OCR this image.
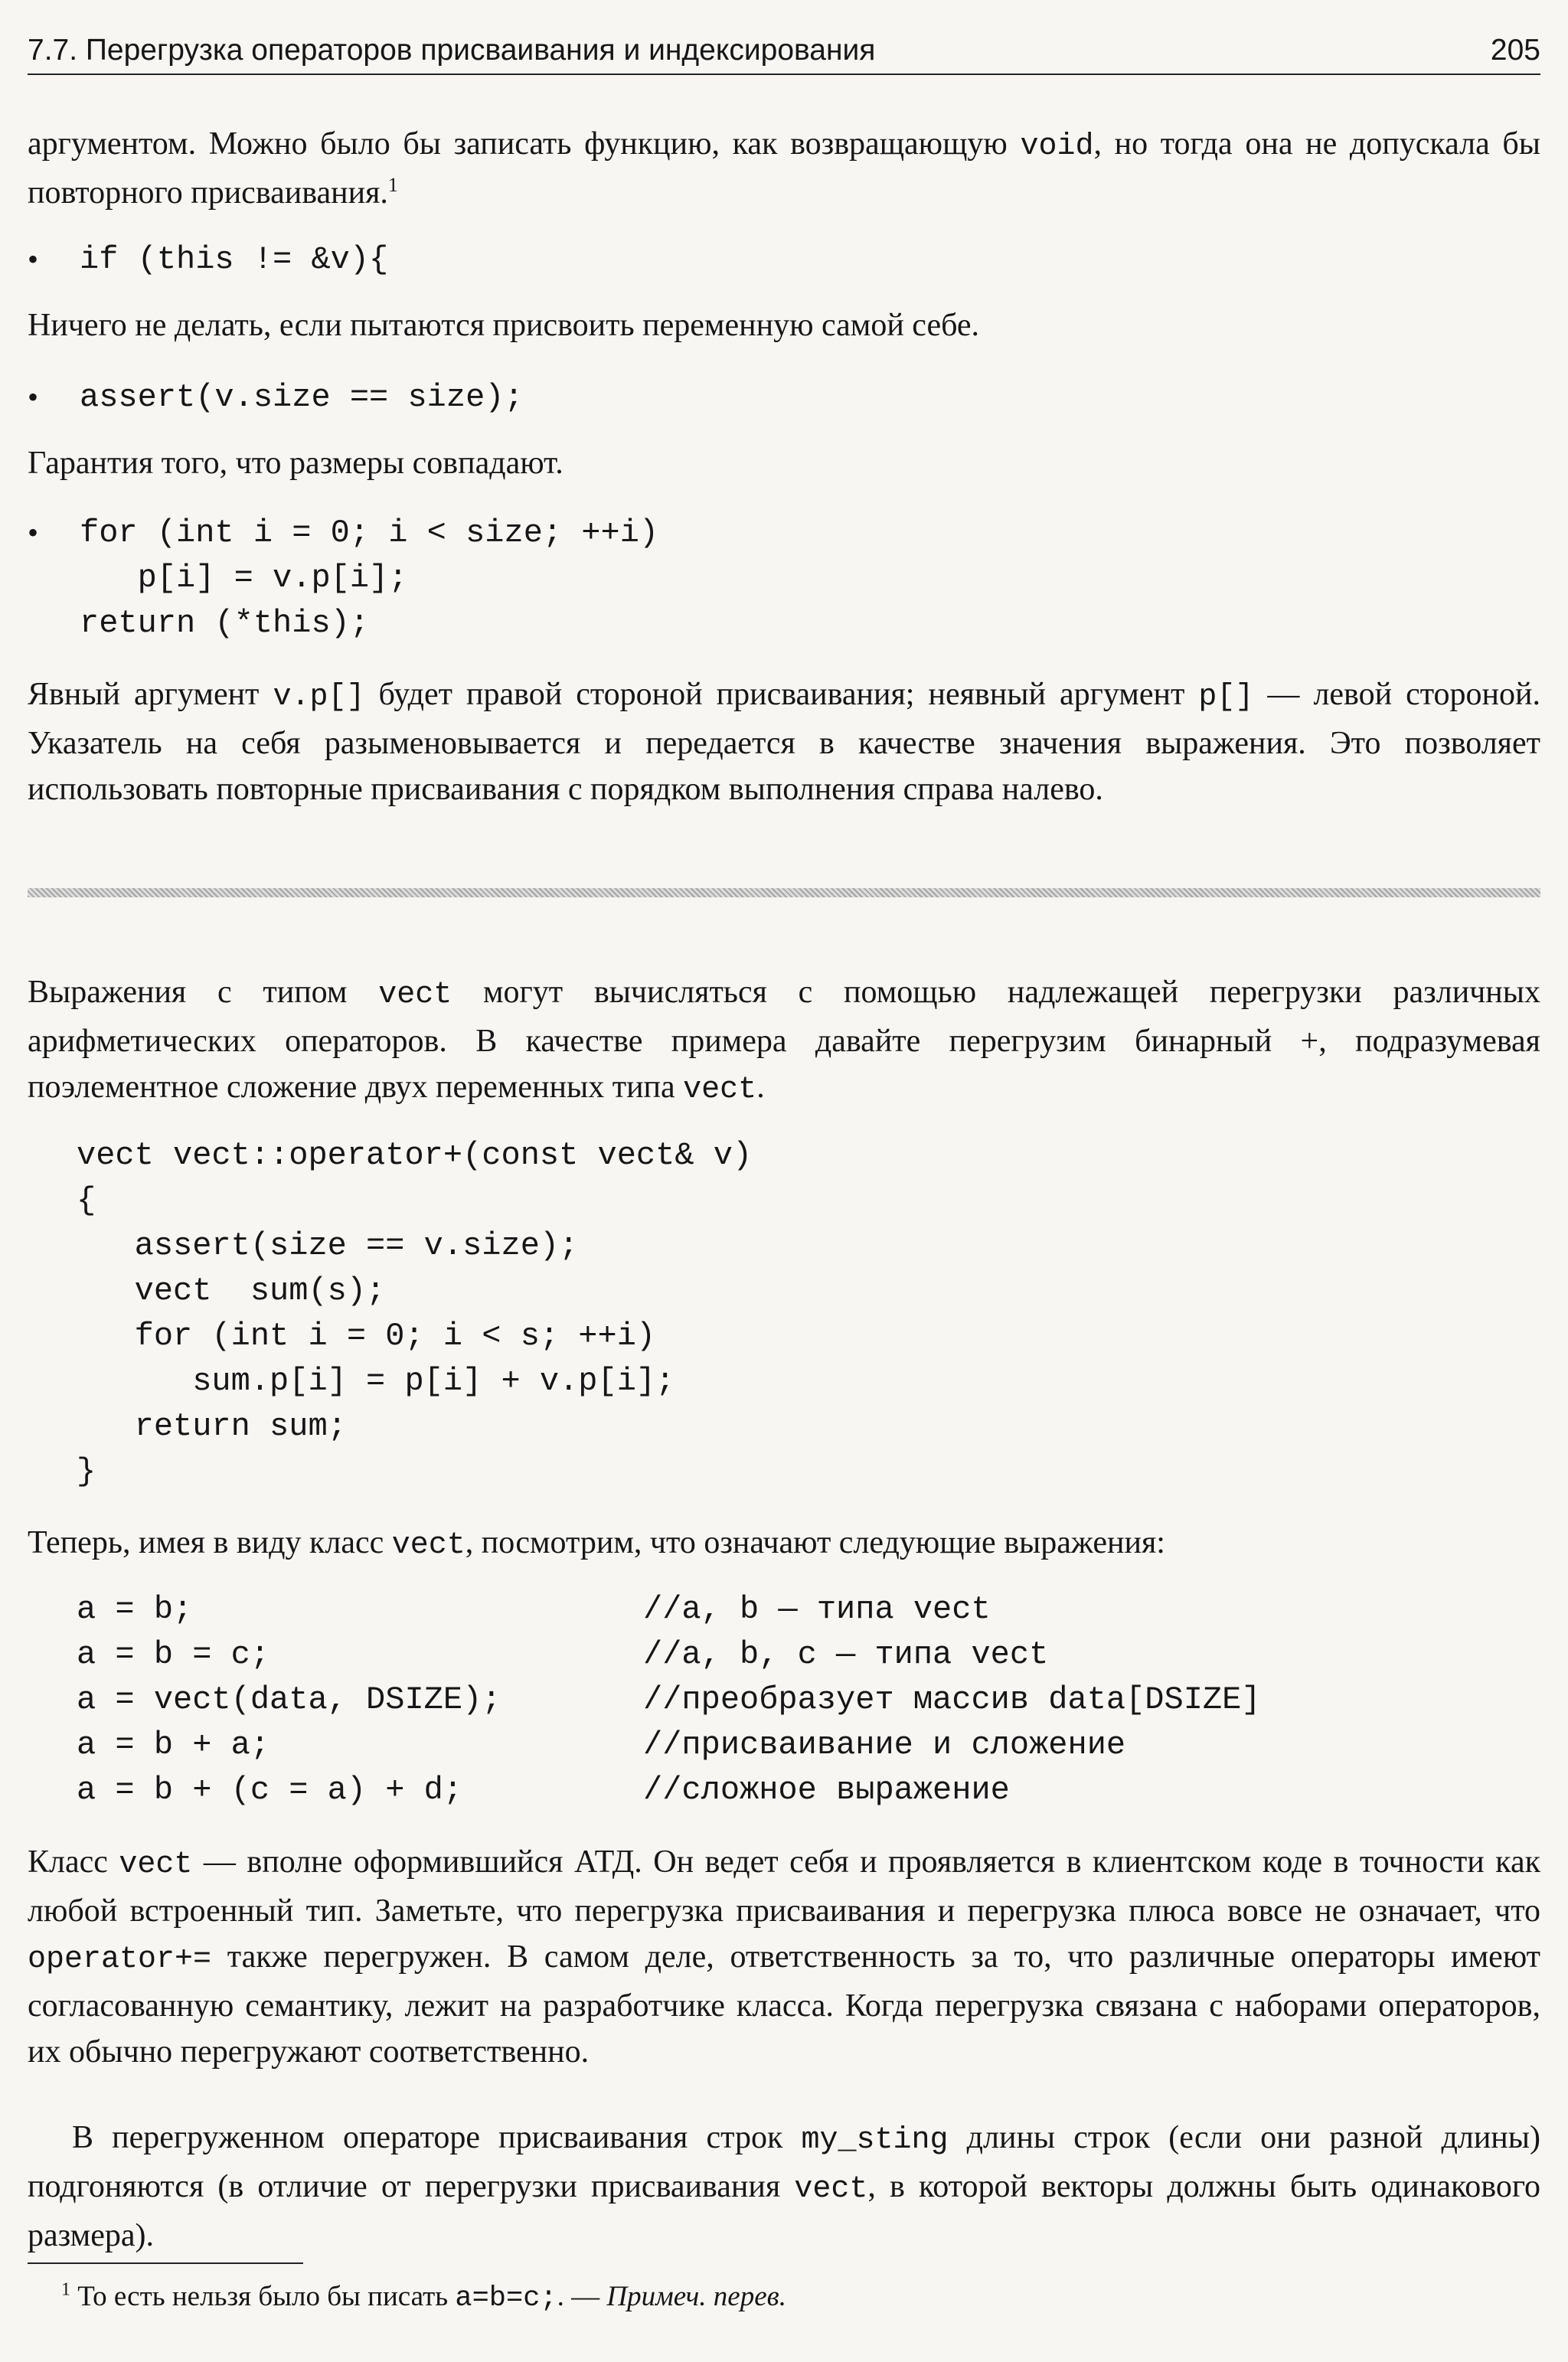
7.7. Перегрузка операторов присваивания и индексирования	205

аргументом. Можно было бы записать функцию, как возвращающую void, но тогда она не допускала бы повторного присваивания.$^1$

• if (this != &v){

Ничего не делать, если пытаются присвоить переменную самой себе.

• assert(v.size == size);

Гарантия того, что размеры совпадают.

• for (int i = 0; i < size; ++i)
p[i] = v.p[i];
return (*this);

Явный аргумент v.p[] будет правой стороной присваивания; неявный аргумент p[] — левой стороной. Указатель на себя разыменовывается и передается в качестве значения выражения. Это позволяет использовать повторные присваивания с порядком выполнения справа налево.

Выражения с типом vect могут вычисляться с помощью надлежащей перегрузки различных арифметических операторов. В качестве примера давайте перегрузим бинарный +, подразумевая поэлементное сложение двух переменных типа vect.

vect vect::operator+(const vect& v)
{
assert(size == v.size);
vect  sum(s);
for (int i = 0; i < s; ++i)
sum.p[i] = p[i] + v.p[i];
return sum;
}

Теперь, имея в виду класс vect, посмотрим, что означают следующие выражения:

a = b;	//a, b — типа vect
a = b = c;	//a, b, c — типа vect
a = vect(data, DSIZE);	//преобразует массив data[DSIZE]
a = b + a;	//присваивание и сложение
a = b + (c = a) + d;	//сложное выражение

Класс vect — вполне оформившийся АТД. Он ведет себя и проявляется в клиентском коде в точности как любой встроенный тип. Заметьте, что перегрузка присваивания и перегрузка плюса вовсе не означает, что operator+= также перегружен. В самом деле, ответственность за то, что различные операторы имеют согласованную семантику, лежит на разработчике класса. Когда перегрузка связана с наборами операторов, их обычно перегружают соответственно.

В перегруженном операторе присваивания строк my_sting длины строк (если они разной длины) подгоняются (в отличие от перегрузки присваивания vect, в которой векторы должны быть одинакового размера).

$^1$ То есть нельзя было бы писать a=b=c;. — Примеч. перев.
